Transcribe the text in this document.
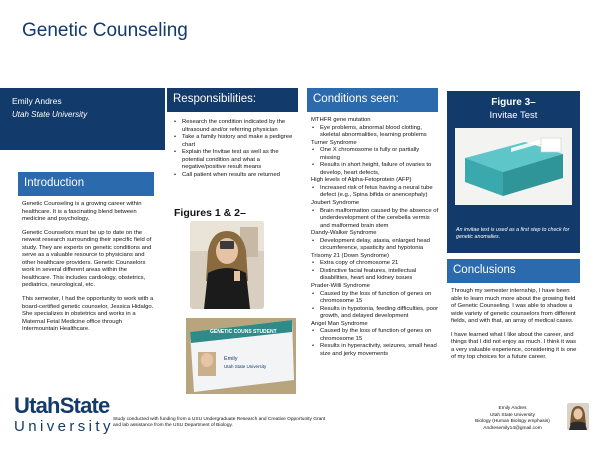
Genetic Counseling
Emily Andres
Utah State University
Introduction

Genetic Counseling is a growing career within healthcare. It is a fascinating blend between medicine and psychology.

Genetic Counselors must be up to date on the newest research surrounding their specific field of study. They are experts on genetic conditions and serve as a valuable resource to physicians and other healthcare providers. Genetic Counselors work in several different areas within the healthcare. This includes cardiology, obstetrics, pediatrics, neurological, etc.

This semester, I had the opportunity to work with a board-certified genetic counselor, Jessica Hidalgo. She specializes in obstetrics and works in a Maternal Fetal Medicine office through Intermountain Healthcare.

Responsibilities:
• Research the condition indicated by the ultrasound and/or referring physician
• Take a family history and make a pedigree chart
• Explain the Invitae test as well as the potential condition and what a negative/positive result means
• Call patient when results are returned
Figures 1 & 2–
GENETIC COUNS STUDENT
Emily
Utah State University
Conditions seen:
MTHFR gene mutation
• Eye problems, abnormal blood clotting, skeletal abnormalities, learning problems
Turner Syndrome
• One X chromosome is fully or partially missing
• Results in short height, failure of ovaries to develop, heart defects,
High levels of Alpha-Fetoprotein (AFP)
• Increased risk of fetus having a neural tube defect (e.g., Spina bifida or anencephaly)
Joubert Syndrome
• Brain malformation caused by the absence of underdevelopment of the cerebella vermis and malformed brain stem
Dandy-Walker Syndrome
• Development delay, ataxia, enlarged head circumference, spasticity and hypotonia
Trisomy 21 (Down Syndrome)
• Extra copy of chromosome 21
• Distinctive facial features, intellectual disabilities, heart and kidney issues
Prader-Willi Syndrome
• Caused by the loss of function of genes on chromosome 15
• Results in hypotonia, feeding difficulties, poor growth, and delayed development
Angel Man Syndrome
• Caused by the loss of function of genes on chromosome 15
• Results in hyperactivity, seizures, small head size and jerky movements
Figure 3–
Invitae Test
An invitae test is used as a first step to check for genetic anomalies.
Conclusions

Through my semester internship, I have been able to learn much more about the growing field of Genetic Counseling. I was able to shadow a wide variety of genetic counselors from different fields, and with that, an array of medical cases.

I have learned what I like about the career, and things that I did not enjoy as much. I think it was a very valuable experience, considering it is one of my top choices for a future career.

UtahState
University Study conducted with funding from a USU Undergraduate Research and Creative Opportunity Grant and lab assistance from the USU Department of Biology.
Emily Andres
Utah State University
Biology (Human Biology emphasis)
Andresemily14@gmail.com
